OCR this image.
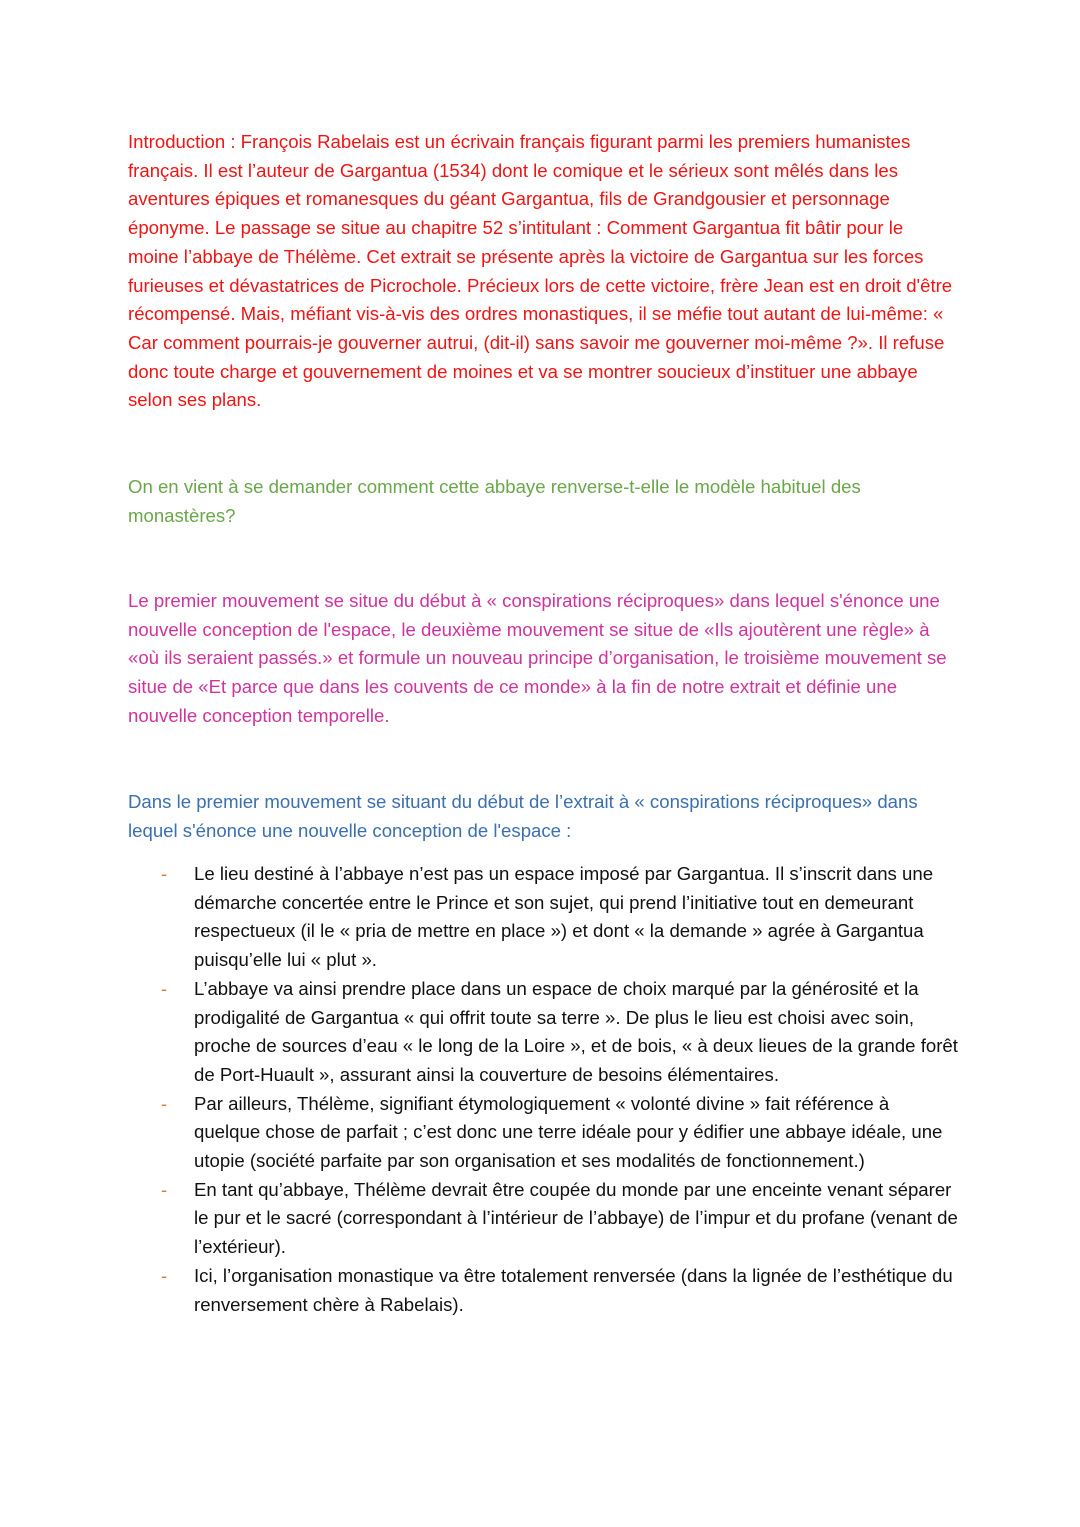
Introduction : François Rabelais est un écrivain français figurant parmi les premiers humanistes français. Il est l’auteur de Gargantua (1534) dont le comique et le sérieux sont mêlés dans les aventures épiques et romanesques du géant Gargantua, fils de Grandgousier et personnage éponyme. Le passage se situe au chapitre 52 s’intitulant : Comment Gargantua fit bâtir pour le moine l’abbaye de Thélème. Cet extrait se présente après la victoire de Gargantua sur les forces furieuses et dévastatrices de Picrochole. Précieux lors de cette victoire, frère Jean est en droit d'être récompensé. Mais, méfiant vis-à-vis des ordres monastiques, il se méfie tout autant de lui-même: « Car comment pourrais-je gouverner autrui, (dit-il) sans savoir me gouverner moi-même ?». Il refuse donc toute charge et gouvernement de moines et va se montrer soucieux d’instituer une abbaye selon ses plans.

On en vient à se demander comment cette abbaye renverse-t-elle le modèle habituel des monastères?

Le premier mouvement se situe du début à « conspirations réciproques» dans lequel s'énonce une nouvelle conception de l'espace, le deuxième mouvement se situe de «Ils ajoutèrent une règle» à «où ils seraient passés.» et formule un nouveau principe d’organisation, le troisième mouvement se situe de «Et parce que dans les couvents de ce monde» à la fin de notre extrait et définie une nouvelle conception temporelle.

Dans le premier mouvement se situant du début de l’extrait à « conspirations réciproques» dans lequel s'énonce une nouvelle conception de l'espace :

- Le lieu destiné à l’abbaye n’est pas un espace imposé par Gargantua. Il s’inscrit dans une démarche concertée entre le Prince et son sujet, qui prend l’initiative tout en demeurant respectueux (il le « pria de mettre en place ») et dont « la demande » agrée à Gargantua puisqu’elle lui « plut ».
- L’abbaye va ainsi prendre place dans un espace de choix marqué par la générosité et la prodigalité de Gargantua « qui offrit toute sa terre ». De plus le lieu est choisi avec soin, proche de sources d’eau « le long de la Loire », et de bois, « à deux lieues de la grande forêt de Port-Huault », assurant ainsi la couverture de besoins élémentaires.
- Par ailleurs, Thélème, signifiant étymologiquement « volonté divine » fait référence à quelque chose de parfait ; c’est donc une terre idéale pour y édifier une abbaye idéale, une utopie (société parfaite par son organisation et ses modalités de fonctionnement.)
- En tant qu’abbaye, Thélème devrait être coupée du monde par une enceinte venant séparer le pur et le sacré (correspondant à l’intérieur de l’abbaye) de l’impur et du profane (venant de l’extérieur).
- Ici, l’organisation monastique va être totalement renversée (dans la lignée de l’esthétique du renversement chère à Rabelais).
